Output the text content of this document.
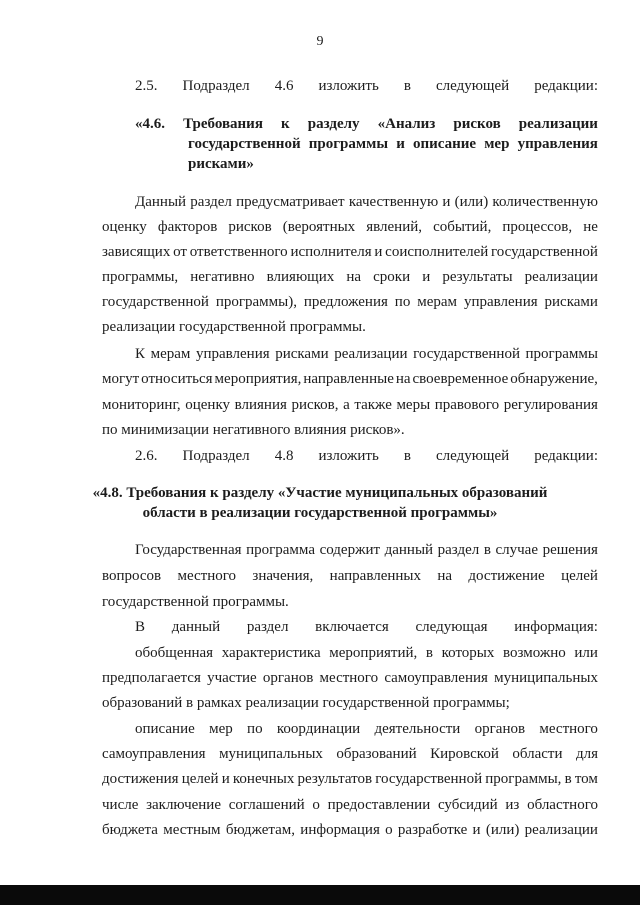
9
2.5. Подраздел 4.6 изложить в следующей редакции:
«4.6. Требования к разделу «Анализ рисков реализации
государственной программы и описание мер управления
рисками»
Данный раздел предусматривает качественную и (или) количественную
оценку факторов рисков (вероятных явлений, событий, процессов, не
зависящих от ответственного исполнителя и соисполнителей государственной
программы, негативно влияющих на сроки и результаты реализации
государственной программы), предложения по мерам управления рисками
реализации государственной программы.
К мерам управления рисками реализации государственной программы
могут относиться мероприятия, направленные на своевременное обнаружение,
мониторинг, оценку влияния рисков, а также меры правового регулирования
по минимизации негативного влияния рисков».
2.6. Подраздел 4.8 изложить в следующей редакции:
«4.8. Требования к разделу «Участие муниципальных образований
области в реализации государственной программы»
Государственная программа содержит данный раздел в случае решения
вопросов местного значения, направленных на достижение целей
государственной программы.
В данный раздел включается следующая информация:
обобщенная характеристика мероприятий, в которых возможно или
предполагается участие органов местного самоуправления муниципальных
образований в рамках реализации государственной программы;
описание мер по координации деятельности органов местного
самоуправления муниципальных образований Кировской области для
достижения целей и конечных результатов государственной программы, в том
числе заключение соглашений о предоставлении субсидий из областного
бюджета местным бюджетам, информация о разработке и (или) реализации
